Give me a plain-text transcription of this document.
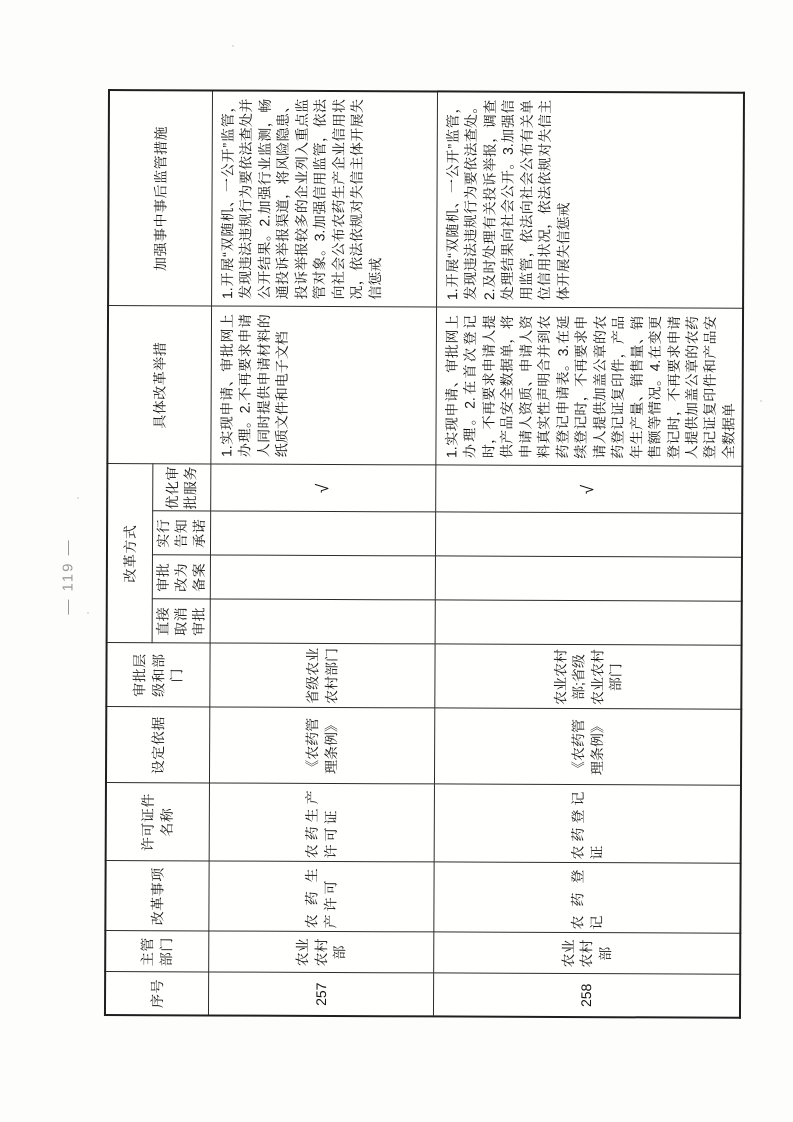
— 119 —
序号	主管部门	改革事项	许可证件名称	设定依据	审批层级和部门	改革方式				具体改革举措	加强事中事后监管措施
						直接取消审批	审批改为备案	实行告知承诺	优化审批服务		
257	农业农村部	农药生产许可	农药生产许可证	《农药管理条例》	省级农业农村部门				√	1.实现申请、审批网上办理。2.不再要求申请人同时提供申请材料的纸质文件和电子文档	1.开展“双随机、一公开”监管，发现违法违规行为要依法查处并公开结果。2.加强行业监测，畅通投诉举报渠道，将风险隐患、投诉举报较多的企业列入重点监管对象。3.加强信用监管，依法向社会公布农药生产企业信用状况，依法依规对失信主体开展失信惩戒
258	农业农村部	农药登记	农药登记证	《农药管理条例》	农业农村部;省级农业农村部门				√	1.实现申请、审批网上办理。2.在首次登记时，不再要求申请人提供产品安全数据单，将申请人资质、申请人资料真实性声明合并到农药登记申请表。3.在延续登记时，不再要求申请人提供加盖公章的农药登记证复印件，产品年生产量、销售量、销售额等情况。4.在变更登记时，不再要求申请人提供加盖公章的农药登记证复印件和产品安全数据单	1.开展“双随机、一公开”监管，发现违法违规行为要依法查处。2.及时处理有关投诉举报，调查处理结果向社会公开。3.加强信用监管，依法向社会公布有关单位信用状况，依法依规对失信主体开展失信惩戒
